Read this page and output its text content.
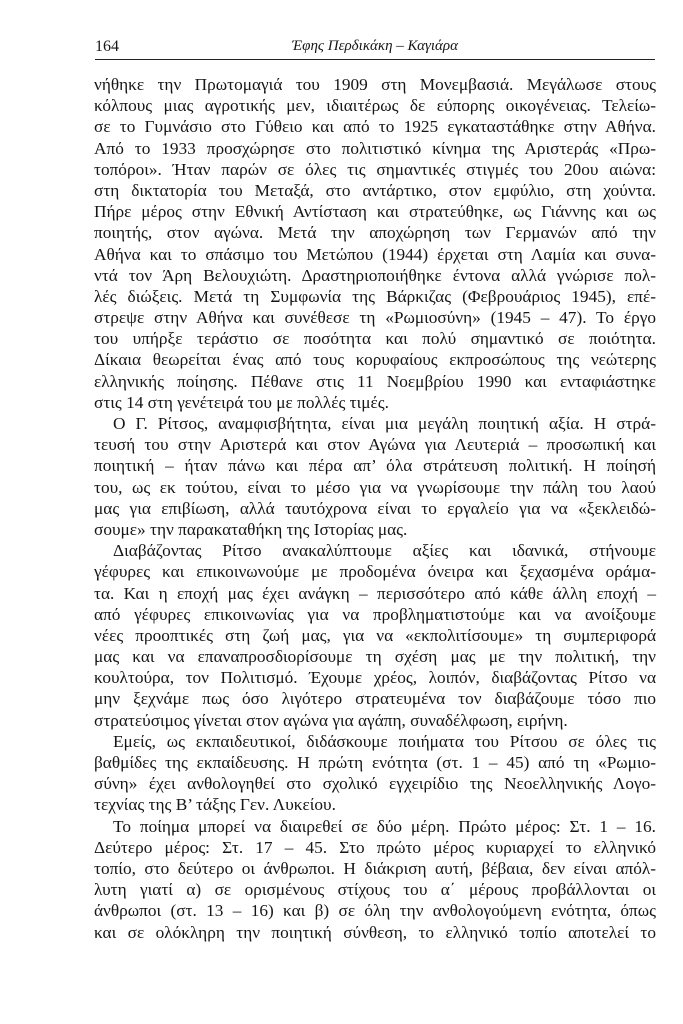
164	Έφης Περδικάκη – Καγιάρα
νήθηκε την Πρωτομαγιά του 1909 στη Μονεμβασιά. Μεγάλωσε στους
κόλπους μιας αγροτικής μεν, ιδιαιτέρως δε εύπορης οικογένειας. Τελείω-
σε το Γυμνάσιο στο Γύθειο και από το 1925 εγκαταστάθηκε στην Αθήνα.
Από το 1933 προσχώρησε στο πολιτιστικό κίνημα της Αριστεράς «Πρω-
τοπόροι». Ήταν παρών σε όλες τις σημαντικές στιγμές του 20ου αιώνα:
στη δικτατορία του Μεταξά, στο αντάρτικο, στον εμφύλιο, στη χούντα.
Πήρε μέρος στην Εθνική Αντίσταση και στρατεύθηκε, ως Γιάννης και ως
ποιητής, στον αγώνα. Μετά την αποχώρηση των Γερμανών από την
Αθήνα και το σπάσιμο του Μετώπου (1944) έρχεται στη Λαμία και συνα-
ντά τον Άρη Βελουχιώτη. Δραστηριοποιήθηκε έντονα αλλά γνώρισε πολ-
λές διώξεις. Μετά τη Συμφωνία της Βάρκιζας (Φεβρουάριος 1945), επέ-
στρεψε στην Αθήνα και συνέθεσε τη «Ρωμιοσύνη» (1945 – 47). Το έργο
του υπήρξε τεράστιο σε ποσότητα και πολύ σημαντικό σε ποιότητα.
Δίκαια θεωρείται ένας από τους κορυφαίους εκπροσώπους της νεώτερης
ελληνικής ποίησης. Πέθανε στις 11 Νοεμβρίου 1990 και ενταφιάστηκε
στις 14 στη γενέτειρά του με πολλές τιμές.
Ο Γ. Ρίτσος, αναμφισβήτητα, είναι μια μεγάλη ποιητική αξία. Η στρά-
τευσή του στην Αριστερά και στον Αγώνα για Λευτεριά – προσωπική και
ποιητική – ήταν πάνω και πέρα απ’ όλα στράτευση πολιτική. Η ποίησή
του, ως εκ τούτου, είναι το μέσο για να γνωρίσουμε την πάλη του λαού
μας για επιβίωση, αλλά ταυτόχρονα είναι το εργαλείο για να «ξεκλειδώ-
σουμε» την παρακαταθήκη της Ιστορίας μας.
Διαβάζοντας Ρίτσο ανακαλύπτουμε αξίες και ιδανικά, στήνουμε
γέφυρες και επικοινωνούμε με προδομένα όνειρα και ξεχασμένα οράμα-
τα. Και η εποχή μας έχει ανάγκη – περισσότερο από κάθε άλλη εποχή –
από γέφυρες επικοινωνίας για να προβληματιστούμε και να ανοίξουμε
νέες προοπτικές στη ζωή μας, για να «εκπολιτίσουμε» τη συμπεριφορά
μας και να επαναπροσδιορίσουμε τη σχέση μας με την πολιτική, την
κουλτούρα, τον Πολιτισμό. Έχουμε χρέος, λοιπόν, διαβάζοντας Ρίτσο να
μην ξεχνάμε πως όσο λιγότερο στρατευμένα τον διαβάζουμε τόσο πιο
στρατεύσιμος γίνεται στον αγώνα για αγάπη, συναδέλφωση, ειρήνη.
Εμείς, ως εκπαιδευτικοί, διδάσκουμε ποιήματα του Ρίτσου σε όλες τις
βαθμίδες της εκπαίδευσης. Η πρώτη ενότητα (στ. 1 – 45) από τη «Ρωμιο-
σύνη» έχει ανθολογηθεί στο σχολικό εγχειρίδιο της Νεοελληνικής Λογο-
τεχνίας της Β’ τάξης Γεν. Λυκείου.
Το ποίημα μπορεί να διαιρεθεί σε δύο μέρη. Πρώτο μέρος: Στ. 1 – 16.
Δεύτερο μέρος: Στ. 17 – 45. Στο πρώτο μέρος κυριαρχεί το ελληνικό
τοπίο, στο δεύτερο οι άνθρωποι. Η διάκριση αυτή, βέβαια, δεν είναι απόλ-
λυτη γιατί α) σε ορισμένους στίχους του α΄ μέρους προβάλλονται οι
άνθρωποι (στ. 13 – 16) και β) σε όλη την ανθολογούμενη ενότητα, όπως
και σε ολόκληρη την ποιητική σύνθεση, το ελληνικό τοπίο αποτελεί το
